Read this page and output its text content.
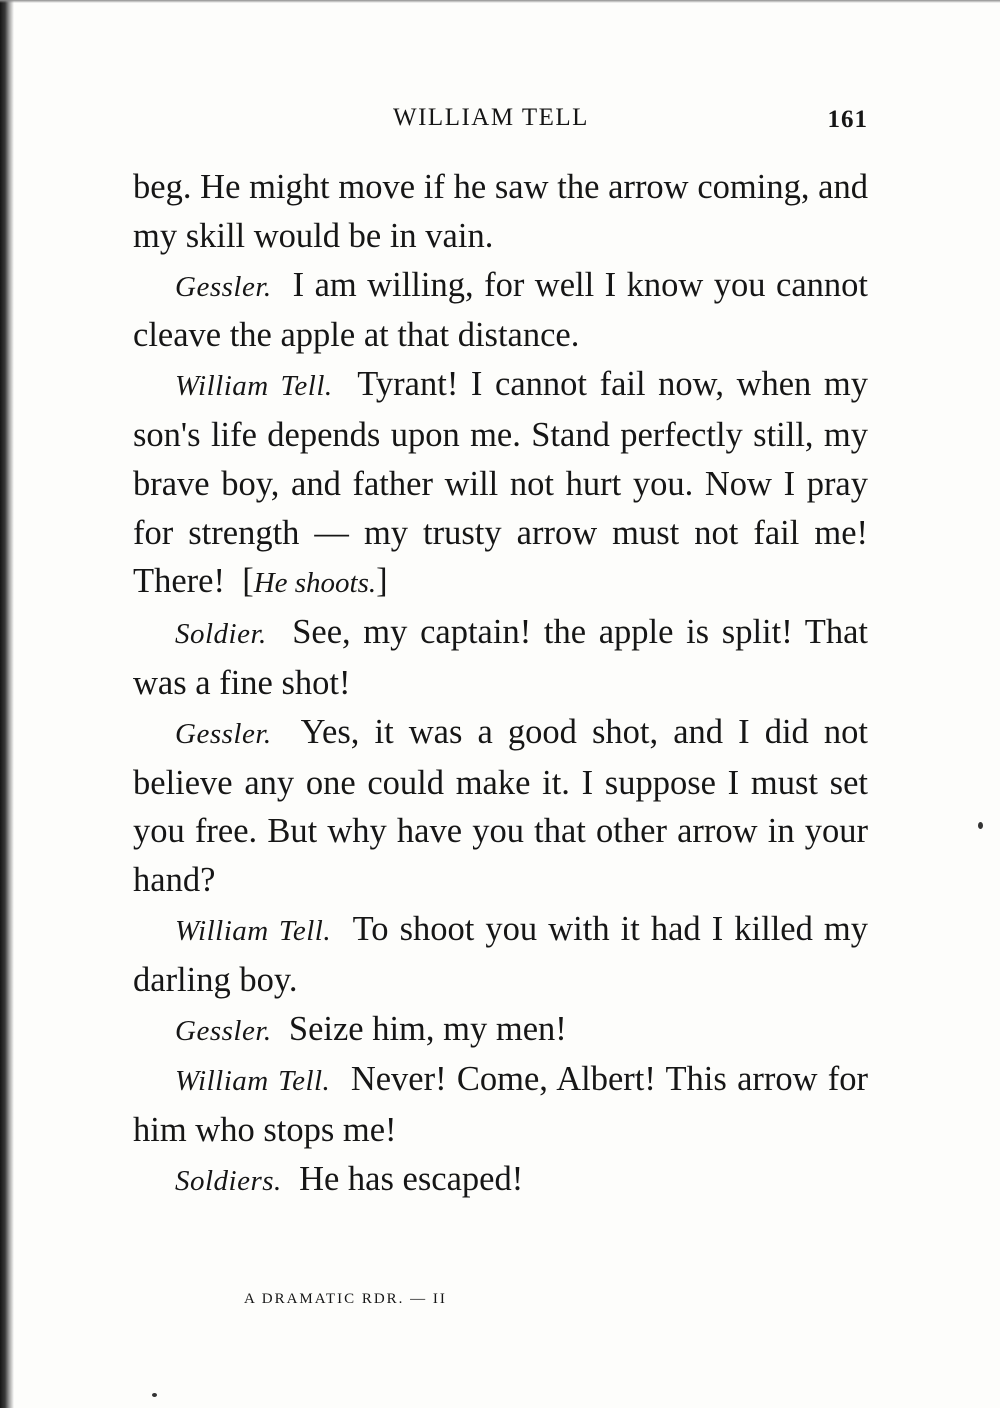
WILLIAM TELL	161

beg. He might move if he saw the arrow coming, and my skill would be in vain.

Gessler. I am willing, for well I know you cannot cleave the apple at that distance.

William Tell. Tyrant! I cannot fail now, when my son's life depends upon me. Stand perfectly still, my brave boy, and father will not hurt you. Now I pray for strength — my trusty arrow must not fail me! There! [He shoots.]

Soldier. See, my captain! the apple is split! That was a fine shot!

Gessler. Yes, it was a good shot, and I did not believe any one could make it. I suppose I must set you free. But why have you that other arrow in your hand?

William Tell. To shoot you with it had I killed my darling boy.

Gessler. Seize him, my men!

William Tell. Never! Come, Albert! This arrow for him who stops me!

Soldiers. He has escaped!

A DRAMATIC RDR. — II
